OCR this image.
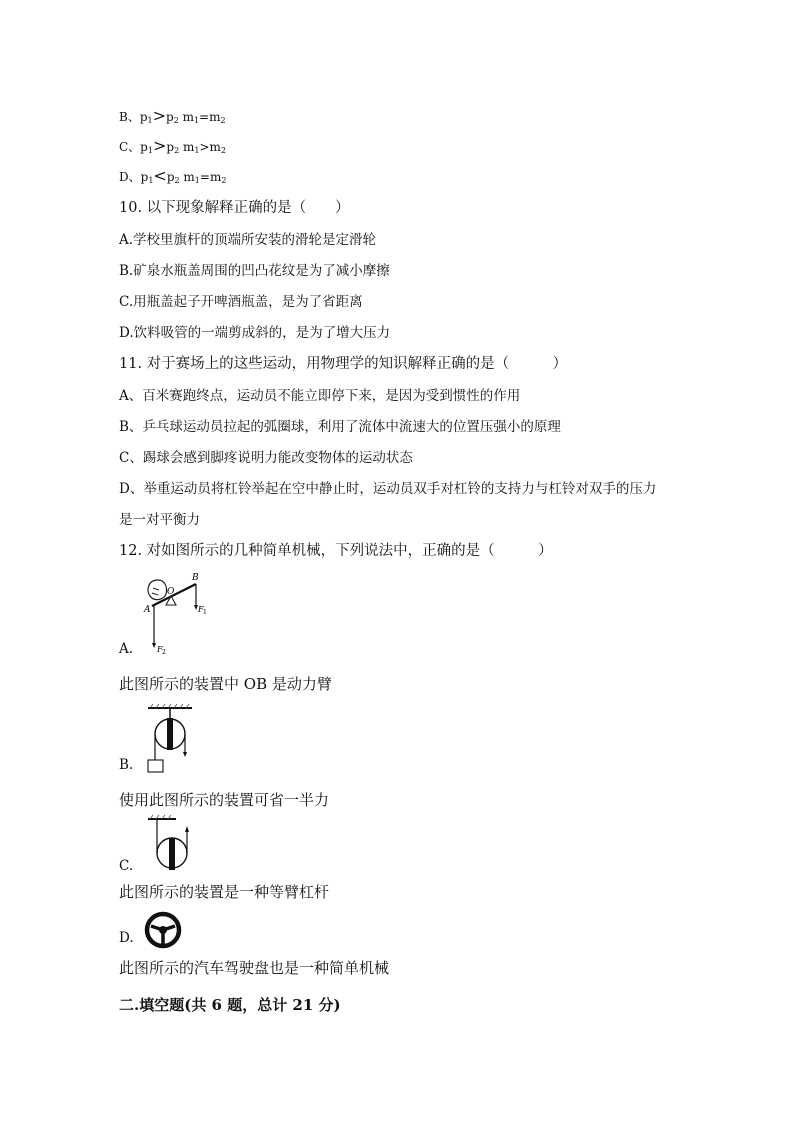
B、$p_1>p_2$ $m_1=m_2$
C、$p_1>p_2$ $m_1>m_2$
D、$p_1<p_2$ $m_1=m_2$
10. 以下现象解释正确的是（　　）
A.学校里旗杆的顶端所安装的滑轮是定滑轮
B.矿泉水瓶盖周围的凹凸花纹是为了减小摩擦
C.用瓶盖起子开啤酒瓶盖，是为了省距离
D.饮料吸管的一端剪成斜的，是为了增大压力
11. 对于赛场上的这些运动，用物理学的知识解释正确的是（　　　）
A、百米赛跑终点，运动员不能立即停下来，是因为受到惯性的作用
B、乒乓球运动员拉起的弧圈球，利用了流体中流速大的位置压强小的原理
C、踢球会感到脚疼说明力能改变物体的运动状态
D、举重运动员将杠铃举起在空中静止时，运动员双手对杠铃的支持力与杠铃对双手的压力
是一对平衡力
12. 对如图所示的几种简单机械，下列说法中，正确的是（　　　）
A
O
B
F 1
F 2
A.
此图所示的装置中 OB 是动力臂
B.
使用此图所示的装置可省一半力
C.
此图所示的装置是一种等臂杠杆
D.
此图所示的汽车驾驶盘也是一种简单机械
二.填空题(共 6 题，总计 21 分)
